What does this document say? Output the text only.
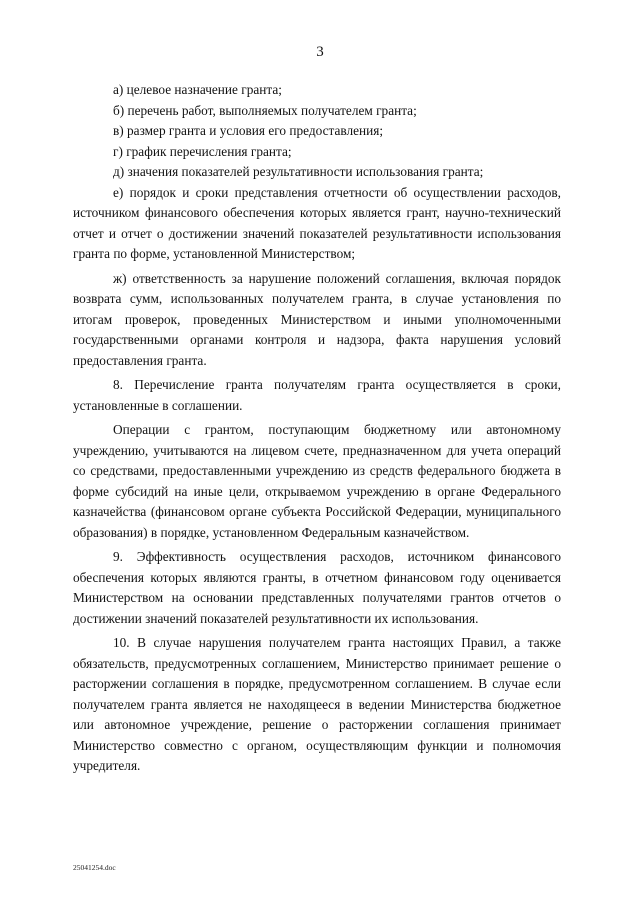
3

а) целевое назначение гранта;

б) перечень работ, выполняемых получателем гранта;

в) размер гранта и условия его предоставления;

г) график перечисления гранта;

д) значения показателей результативности использования гранта;

е) порядок и сроки представления отчетности об осуществлении расходов, источником финансового обеспечения которых является грант, научно-технический отчет и отчет о достижении значений показателей результативности использования гранта по форме, установленной Министерством;

ж) ответственность за нарушение положений соглашения, включая порядок возврата сумм, использованных получателем гранта, в случае установления по итогам проверок, проведенных Министерством и иными уполномоченными государственными органами контроля и надзора, факта нарушения условий предоставления гранта.

8. Перечисление гранта получателям гранта осуществляется в сроки, установленные в соглашении.

Операции с грантом, поступающим бюджетному или автономному учреждению, учитываются на лицевом счете, предназначенном для учета операций со средствами, предоставленными учреждению из средств федерального бюджета в форме субсидий на иные цели, открываемом учреждению в органе Федерального казначейства (финансовом органе субъекта Российской Федерации, муниципального образования) в порядке, установленном Федеральным казначейством.

9. Эффективность осуществления расходов, источником финансового обеспечения которых являются гранты, в отчетном финансовом году оценивается Министерством на основании представленных получателями грантов отчетов о достижении значений показателей результативности их использования.

10. В случае нарушения получателем гранта настоящих Правил, а также обязательств, предусмотренных соглашением, Министерство принимает решение о расторжении соглашения в порядке, предусмотренном соглашением. В случае если получателем гранта является не находящееся в ведении Министерства бюджетное или автономное учреждение, решение о расторжении соглашения принимает Министерство совместно с органом, осуществляющим функции и полномочия учредителя.

25041254.doc
